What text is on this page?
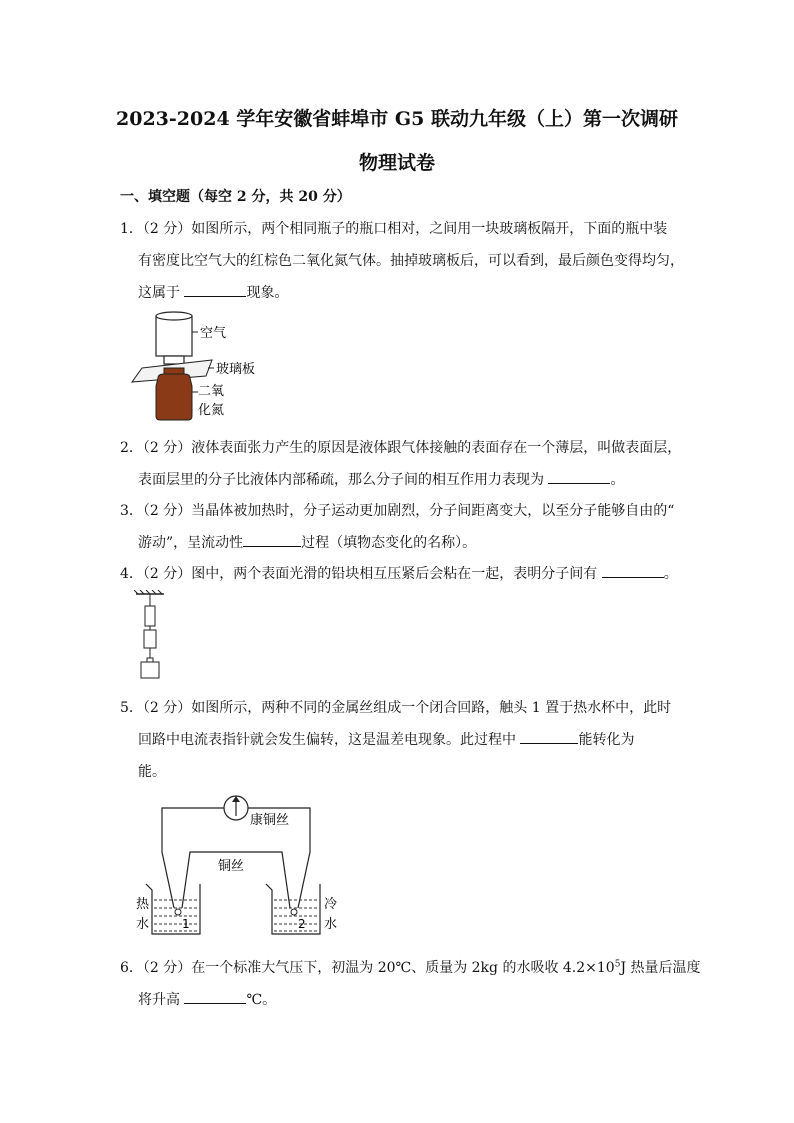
2023-2024 学年安徽省蚌埠市 G5 联动九年级（上）第一次调研
物理试卷
一、填空题（每空 2 分，共 20 分）
1．（2 分）如图所示，两个相同瓶子的瓶口相对，之间用一块玻璃板隔开，下面的瓶中装
有密度比空气大的红棕色二氧化氮气体。抽掉玻璃板后，可以看到，最后颜色变得均匀，
这属于	现象。
空气
玻璃板
二氧
化氮
2．（2 分）液体表面张力产生的原因是液体跟气体接触的表面存在一个薄层，叫做表面层，
表面层里的分子比液体内部稀疏，那么分子间的相互作用力表现为	。
3．（2 分）当晶体被加热时，分子运动更加剧烈，分子间距离变大，以至分子能够自由的“
游动”，呈流动性	过程（填物态变化的名称）。
4．（2 分）图中，两个表面光滑的铅块相互压紧后会粘在一起，表明分子间有	。
5．（2 分）如图所示，两种不同的金属丝组成一个闭合回路，触头 1 置于热水杯中，此时
回路中电流表指针就会发生偏转，这是温差电现象。此过程中	能转化为
能。
康铜丝
铜丝
1
热
水	2
冷
水
6．（2 分）在一个标准大气压下，初温为 20℃、质量为 2kg 的水吸收 $4.2\times 10^5J$ 热量后温度
将升高	℃。
